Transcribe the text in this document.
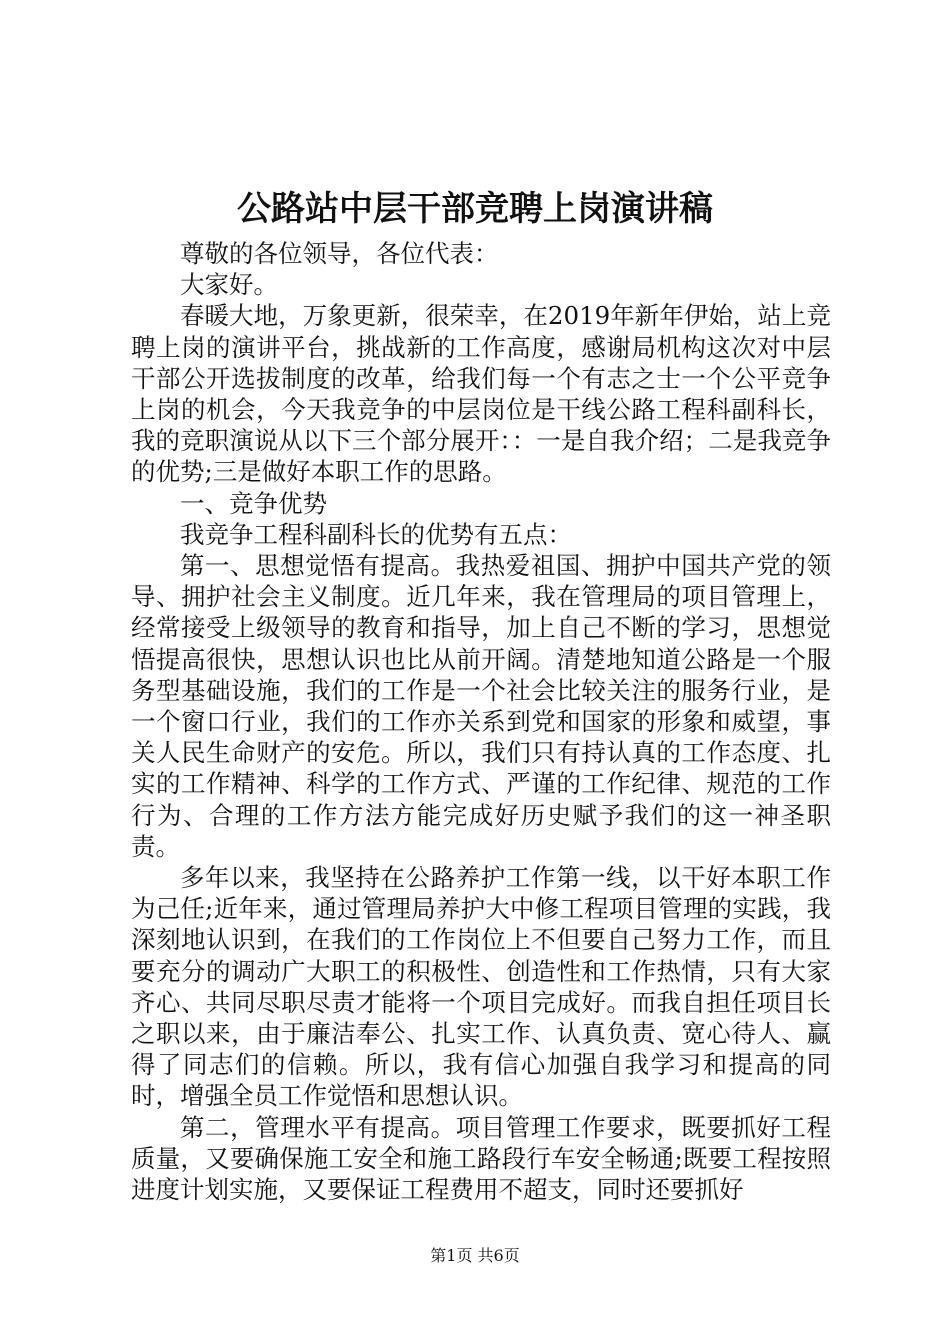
公路站中层干部竞聘上岗演讲稿

尊敬的各位领导，各位代表：

大家好。

春暖大地，万象更新，很荣幸，在2019年新年伊始，站上竞聘上岗的演讲平台，挑战新的工作高度，感谢局机构这次对中层干部公开选拔制度的改革，给我们每一个有志之士一个公平竞争上岗的机会，今天我竞争的中层岗位是干线公路工程科副科长，我的竞职演说从以下三个部分展开：：一是自我介绍；二是我竞争的优势;三是做好本职工作的思路。

一、竞争优势

我竞争工程科副科长的优势有五点：

第一、思想觉悟有提高。我热爱祖国、拥护中国共产党的领导、拥护社会主义制度。近几年来，我在管理局的项目管理上，经常接受上级领导的教育和指导，加上自己不断的学习，思想觉悟提高很快，思想认识也比从前开阔。清楚地知道公路是一个服务型基础设施，我们的工作是一个社会比较关注的服务行业，是一个窗口行业，我们的工作亦关系到党和国家的形象和威望，事关人民生命财产的安危。所以，我们只有持认真的工作态度、扎实的工作精神、科学的工作方式、严谨的工作纪律、规范的工作行为、合理的工作方法方能完成好历史赋予我们的这一神圣职责。

多年以来，我坚持在公路养护工作第一线，以干好本职工作为己任;近年来，通过管理局养护大中修工程项目管理的实践，我深刻地认识到，在我们的工作岗位上不但要自己努力工作，而且要充分的调动广大职工的积极性、创造性和工作热情，只有大家齐心、共同尽职尽责才能将一个项目完成好。而我自担任项目长之职以来，由于廉洁奉公、扎实工作、认真负责、宽心待人、赢得了同志们的信赖。所以，我有信心加强自我学习和提高的同时，增强全员工作觉悟和思想认识。

第二，管理水平有提高。项目管理工作要求，既要抓好工程质量，又要确保施工安全和施工路段行车安全畅通;既要工程按照进度计划实施，又要保证工程费用不超支，同时还要抓好

第1页 共6页
